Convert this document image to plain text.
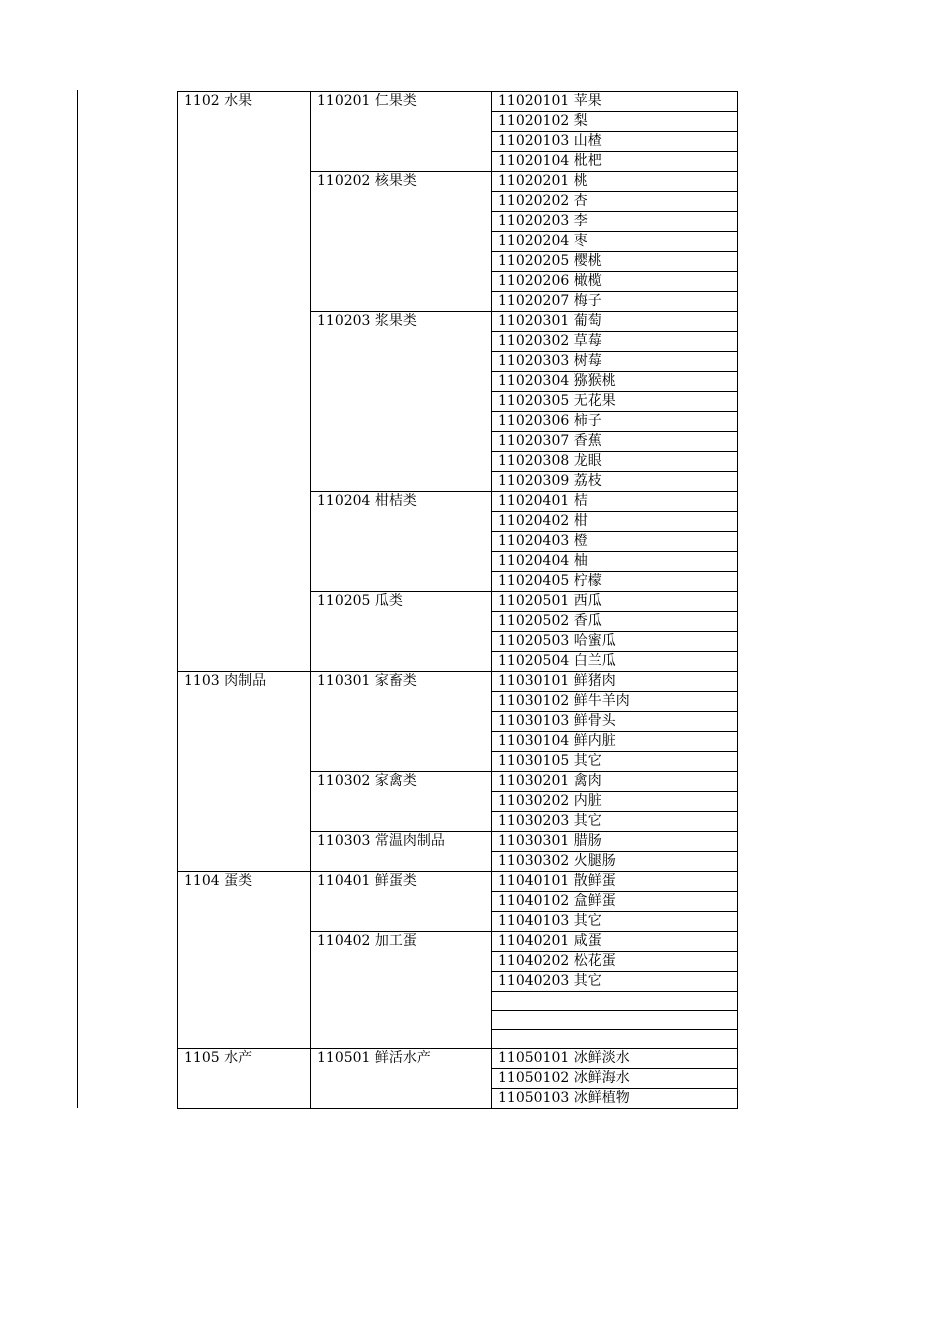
1102 水果	110201 仁果类	11020101 苹果
		11020102 梨
		11020103 山楂
		11020104 枇杷
	110202 核果类	11020201 桃
		11020202 杏
		11020203 李
		11020204 枣
		11020205 樱桃
		11020206 橄榄
		11020207 梅子
	110203 浆果类	11020301 葡萄
		11020302 草莓
		11020303 树莓
		11020304 猕猴桃
		11020305 无花果
		11020306 柿子
		11020307 香蕉
		11020308 龙眼
		11020309 荔枝
	110204 柑桔类	11020401 桔
		11020402 柑
		11020403 橙
		11020404 柚
		11020405 柠檬
	110205 瓜类	11020501 西瓜
		11020502 香瓜
		11020503 哈蜜瓜
		11020504 白兰瓜
1103 肉制品	110301 家畜类	11030101 鲜猪肉
		11030102 鲜牛羊肉
		11030103 鲜骨头
		11030104 鲜内脏
		11030105 其它
	110302 家禽类	11030201 禽肉
		11030202 内脏
		11030203 其它
	110303 常温肉制品	11030301 腊肠
		11030302 火腿肠
1104 蛋类	110401 鲜蛋类	11040101 散鲜蛋
		11040102 盒鲜蛋
		11040103 其它
	110402 加工蛋	11040201 咸蛋
		11040202 松花蛋
		11040203 其它

1105 水产	110501 鲜活水产	11050101 冰鲜淡水
		11050102 冰鲜海水
		11050103 冰鲜植物
